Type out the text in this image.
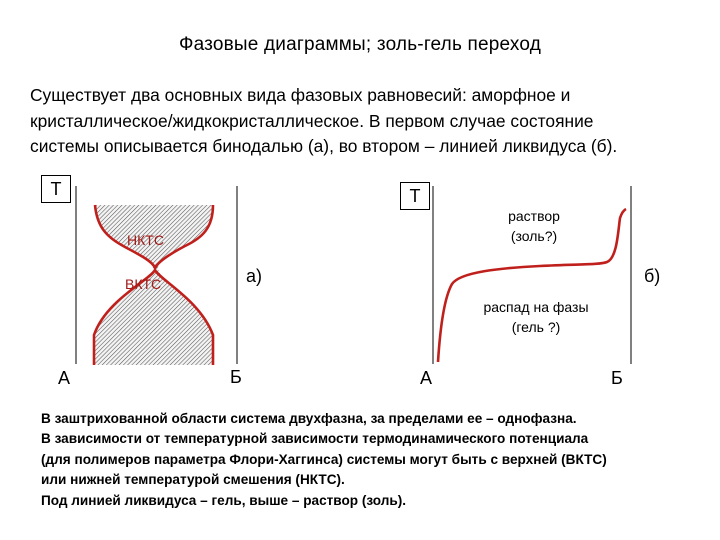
Фазовые диаграммы; золь-гель переход
Существует два основных вида фазовых равновесий: аморфное и
кристаллическое/жидкокристаллическое. В первом случае состояние
системы описывается бинодалью (а), во втором – линией ликвидуса (б).
T
НКТС
ВКТС	а)
А	Б
T
раствор
(золь?)
б)
распад на фазы
(гель ?)
А	Б
В заштрихованной области система двухфазна, за пределами ее – однофазна.
В зависимости от температурной зависимости термодинамического потенциала
(для полимеров параметра Флори-Хаггинса) системы могут быть с верхней (ВКТС)
или нижней температурой смешения (НКТС).
Под линией ликвидуса – гель, выше – раствор (золь).
